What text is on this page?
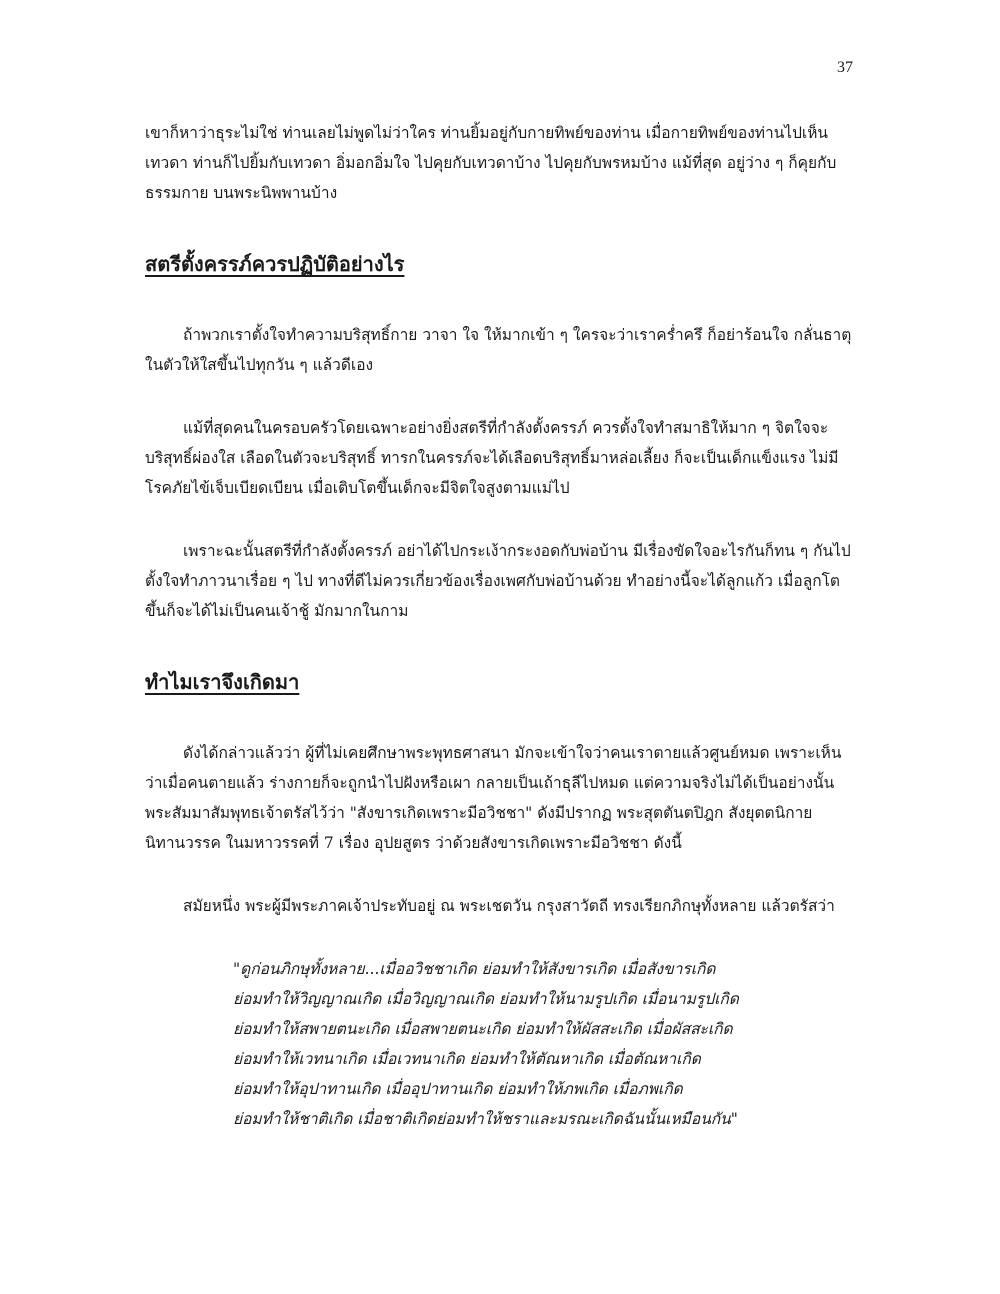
37

เขาก็หาว่าธุระไม่ใช่ ท่านเลยไม่พูดไม่ว่าใคร ท่านยิ้มอยู่กับกายทิพย์ของท่าน เมื่อกายทิพย์ของท่านไปเห็นเทวดา ท่านก็ไปยิ้มกับเทวดา อิ่มอกอิ่มใจ ไปคุยกับเทวดาบ้าง ไปคุยกับพรหมบ้าง แม้ที่สุด อยู่ว่าง ๆ ก็คุยกับธรรมกาย บนพระนิพพานบ้าง

สตรีตั้งครรภ์ควรปฏิบัติอย่างไร

ถ้าพวกเราตั้งใจทำความบริสุทธิ์กาย วาจา ใจ ให้มากเข้า ๆ ใครจะว่าเราคร่ำครึ ก็อย่าร้อนใจ กลั่นธาตุในตัวให้ใสขึ้นไปทุกวัน ๆ แล้วดีเอง

แม้ที่สุดคนในครอบครัวโดยเฉพาะอย่างยิ่งสตรีที่กำลังตั้งครรภ์ ควรตั้งใจทำสมาธิให้มาก ๆ จิตใจจะบริสุทธิ์ผ่องใส เลือดในตัวจะบริสุทธิ์ ทารกในครรภ์จะได้เลือดบริสุทธิ์มาหล่อเลี้ยง ก็จะเป็นเด็กแข็งแรง ไม่มีโรคภัยไข้เจ็บเบียดเบียน เมื่อเติบโตขึ้นเด็กจะมีจิตใจสูงตามแม่ไป

เพราะฉะนั้นสตรีที่กำลังตั้งครรภ์ อย่าได้ไปกระเง้ากระงอดกับพ่อบ้าน มีเรื่องขัดใจอะไรกันก็ทน ๆ กันไป ตั้งใจทำภาวนาเรื่อย ๆ ไป ทางที่ดีไม่ควรเกี่ยวข้องเรื่องเพศกับพ่อบ้านด้วย ทำอย่างนี้จะได้ลูกแก้ว เมื่อลูกโตขึ้นก็จะได้ไม่เป็นคนเจ้าชู้ มักมากในกาม

ทำไมเราจึงเกิดมา

ดังได้กล่าวแล้วว่า ผู้ที่ไม่เคยศึกษาพระพุทธศาสนา มักจะเข้าใจว่าคนเราตายแล้วศูนย์หมด เพราะเห็นว่าเมื่อคนตายแล้ว ร่างกายก็จะถูกนำไปฝังหรือเผา กลายเป็นเถ้าธุลีไปหมด แต่ความจริงไม่ได้เป็นอย่างนั้น พระสัมมาสัมพุทธเจ้าตรัสไว้ว่า "สังขารเกิดเพราะมีอวิชชา" ดังมีปรากฏ พระสุตตันตปิฎก สังยุตตนิกาย นิทานวรรค ในมหาวรรคที่ 7 เรื่อง อุปยสูตร ว่าด้วยสังขารเกิดเพราะมีอวิชชา ดังนี้

สมัยหนึ่ง พระผู้มีพระภาคเจ้าประทับอยู่ ณ พระเชตวัน กรุงสาวัตถี ทรงเรียกภิกษุทั้งหลาย แล้วตรัสว่า

"ดูก่อนภิกษุทั้งหลาย...เมื่ออวิชชาเกิด ย่อมทำให้สังขารเกิด เมื่อสังขารเกิด

ย่อมทำให้วิญญาณเกิด เมื่อวิญญาณเกิด ย่อมทำให้นามรูปเกิด เมื่อนามรูปเกิด

ย่อมทำให้สพายตนะเกิด เมื่อสพายตนะเกิด ย่อมทำให้ผัสสะเกิด เมื่อผัสสะเกิด

ย่อมทำให้เวทนาเกิด เมื่อเวทนาเกิด ย่อมทำให้ตัณหาเกิด เมื่อตัณหาเกิด

ย่อมทำให้อุปาทานเกิด เมื่ออุปาทานเกิด ย่อมทำให้ภพเกิด เมื่อภพเกิด

ย่อมทำให้ชาติเกิด เมื่อชาติเกิดย่อมทำให้ชราและมรณะเกิดฉันนั้นเหมือนกัน"
